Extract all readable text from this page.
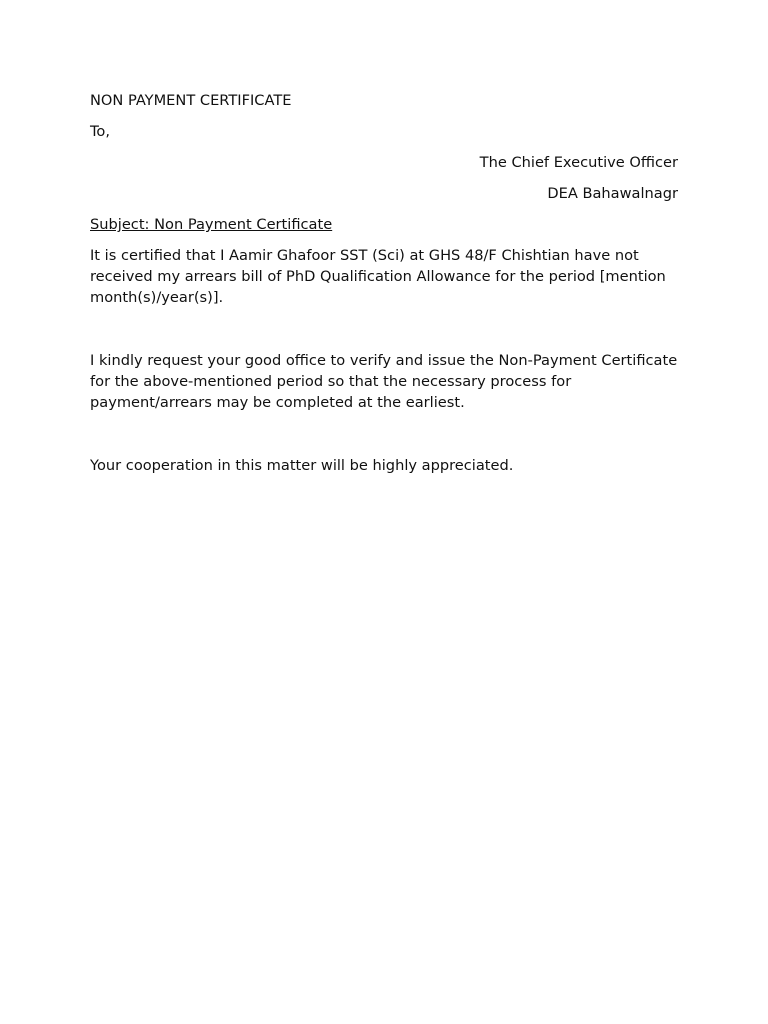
NON PAYMENT CERTIFICATE

To,

The Chief Executive Officer

DEA Bahawalnagr

Subject: Non Payment Certificate

It is certified that I Aamir Ghafoor SST (Sci) at GHS 48/F Chishtian have not received my arrears bill of PhD Qualification Allowance for the period [mention month(s)/year(s)].

I kindly request your good office to verify and issue the Non-Payment Certificate for the above-mentioned period so that the necessary process for payment/arrears may be completed at the earliest.

Your cooperation in this matter will be highly appreciated.
